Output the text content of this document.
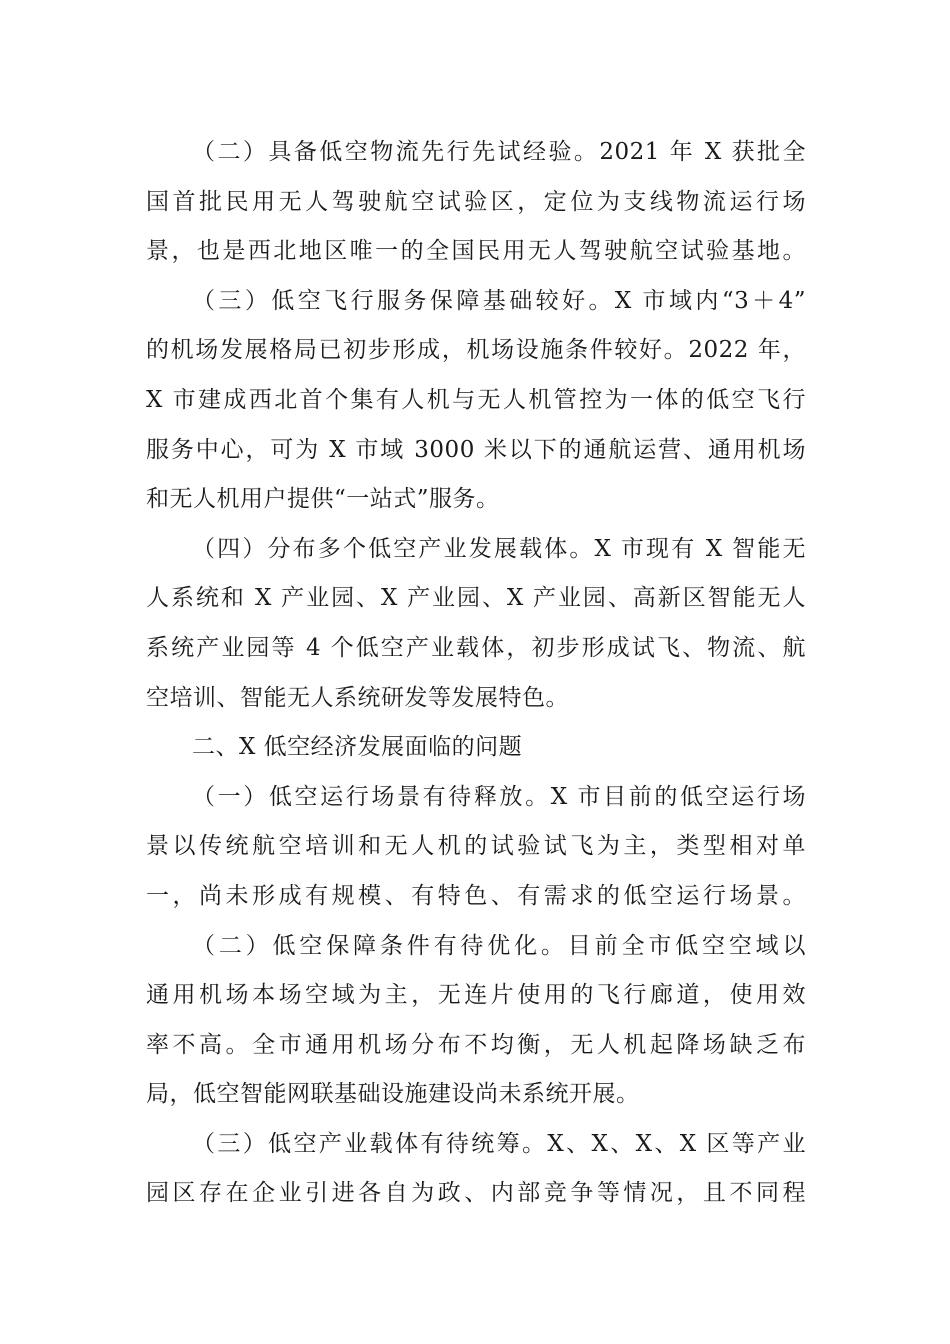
（二）具备低空物流先行先试经验。2021 年 X 获批全
国首批民用无人驾驶航空试验区，定位为支线物流运行场
景，也是西北地区唯一的全国民用无人驾驶航空试验基地。
（三）低空飞行服务保障基础较好。X 市域内“3＋4”
的机场发展格局已初步形成，机场设施条件较好。2022 年，
X 市建成西北首个集有人机与无人机管控为一体的低空飞行
服务中心，可为 X 市域 3000 米以下的通航运营、通用机场
和无人机用户提供“一站式”服务。
（四）分布多个低空产业发展载体。X 市现有 X 智能无
人系统和 X 产业园、X 产业园、X 产业园、高新区智能无人
系统产业园等 4 个低空产业载体，初步形成试飞、物流、航
空培训、智能无人系统研发等发展特色。
二、X 低空经济发展面临的问题
（一）低空运行场景有待释放。X 市目前的低空运行场
景以传统航空培训和无人机的试验试飞为主，类型相对单
一，尚未形成有规模、有特色、有需求的低空运行场景。
（二）低空保障条件有待优化。目前全市低空空域以
通用机场本场空域为主，无连片使用的飞行廊道，使用效
率不高。全市通用机场分布不均衡，无人机起降场缺乏布
局，低空智能网联基础设施建设尚未系统开展。
（三）低空产业载体有待统筹。X、X、X、X 区等产业
园区存在企业引进各自为政、内部竞争等情况，且不同程
